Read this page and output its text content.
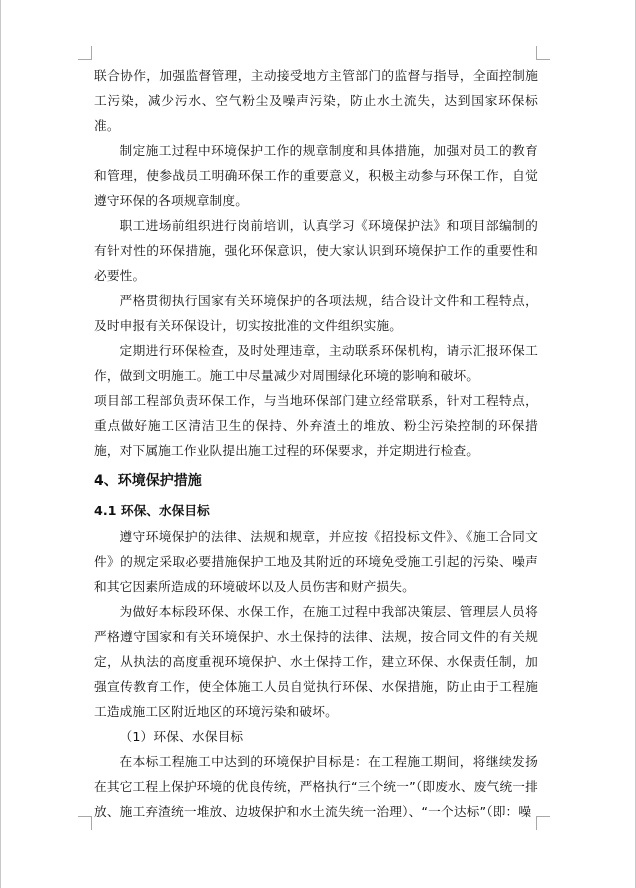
联合协作，加强监督管理，主动接受地方主管部门的监督与指导，全面控制施工污染，减少污水、空气粉尘及噪声污染，防止水土流失，达到国家环保标准。

制定施工过程中环境保护工作的规章制度和具体措施，加强对员工的教育和管理，使参战员工明确环保工作的重要意义，积极主动参与环保工作，自觉遵守环保的各项规章制度。

职工进场前组织进行岗前培训，认真学习《环境保护法》和项目部编制的有针对性的环保措施，强化环保意识，使大家认识到环境保护工作的重要性和必要性。

严格贯彻执行国家有关环境保护的各项法规，结合设计文件和工程特点，及时申报有关环保设计，切实按批准的文件组织实施。

定期进行环保检查，及时处理违章，主动联系环保机构，请示汇报环保工作，做到文明施工。施工中尽量减少对周围绿化环境的影响和破坏。

项目部工程部负责环保工作，与当地环保部门建立经常联系，针对工程特点，重点做好施工区清洁卫生的保持、外弃渣土的堆放、粉尘污染控制的环保措施，对下属施工作业队提出施工过程的环保要求，并定期进行检查。

4、环境保护措施

4.1 环保、水保目标

遵守环境保护的法律、法规和规章，并应按《招投标文件》、《施工合同文件》的规定采取必要措施保护工地及其附近的环境免受施工引起的污染、噪声和其它因素所造成的环境破坏以及人员伤害和财产损失。

为做好本标段环保、水保工作，在施工过程中我部决策层、管理层人员将严格遵守国家和有关环境保护、水土保持的法律、法规，按合同文件的有关规定，从执法的高度重视环境保护、水土保持工作，建立环保、水保责任制，加强宣传教育工作，使全体施工人员自觉执行环保、水保措施，防止由于工程施工造成施工区附近地区的环境污染和破坏。

（1）环保、水保目标

在本标工程施工中达到的环境保护目标是：在工程施工期间，将继续发扬在其它工程上保护环境的优良传统，严格执行“三个统一”（即废水、废气统一排放、施工弃渣统一堆放、边坡保护和水土流失统一治理）、“一个达标”（即：噪
